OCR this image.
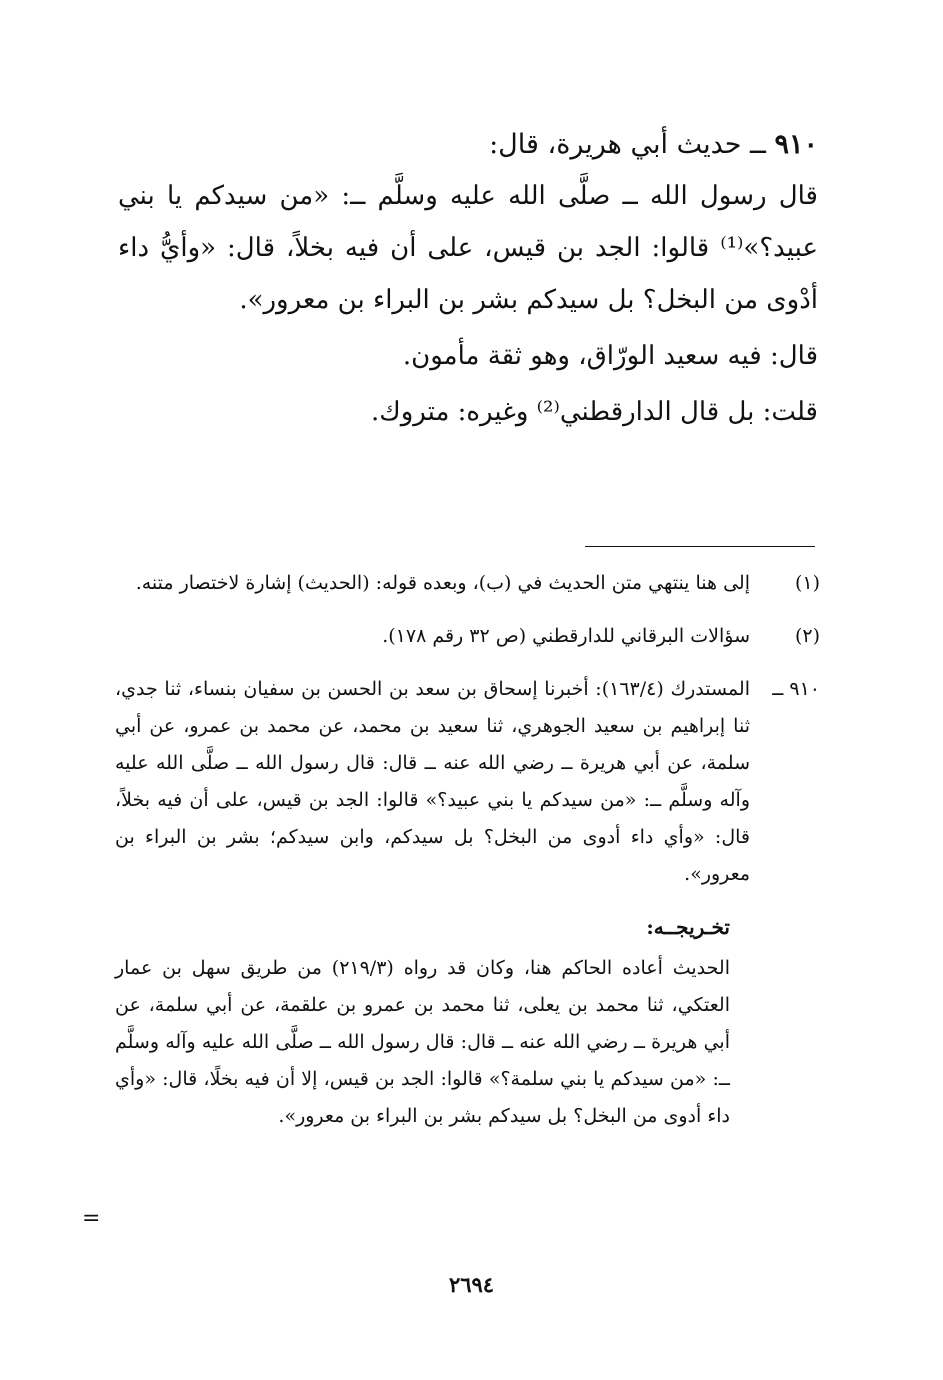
٩١٠ ــ حديث أبي هريرة، قال:

قال رسول الله ــ صلَّى الله عليه وسلَّم ــ: «من سيدكم يا بني عبيد؟»⁽¹⁾ قالوا: الجد بن قيس، على أن فيه بخلاً، قال: «وأيُّ داء أدْوى من البخل؟ بل سيدكم بشر بن البراء بن معرور».

قال: فيه سعيد الورّاق، وهو ثقة مأمون.

قلت: بل قال الدارقطني⁽²⁾ وغيره: متروك.

(١)
إلى هنا ينتهي متن الحديث في (ب)، وبعده قوله: (الحديث) إشارة لاختصار متنه.
(٢)
سؤالات البرقاني للدارقطني (ص ٣٢ رقم ١٧٨).
٩١٠ ــ
المستدرك (١٦٣/٤): أخبرنا إسحاق بن سعد بن الحسن بن سفيان بنساء، ثنا جدي، ثنا إبراهيم بن سعيد الجوهري، ثنا سعيد بن محمد، عن محمد بن عمرو، عن أبي سلمة، عن أبي هريرة ــ رضي الله عنه ــ قال: قال رسول الله ــ صلَّى الله عليه وآله وسلَّم ــ: «من سيدكم يا بني عبيد؟» قالوا: الجد بن قيس، على أن فيه بخلاً، قال: «وأي داء أدوى من البخل؟ بل سيدكم، وابن سيدكم؛ بشر بن البراء بن معرور».
تخـريجــه:
الحديث أعاده الحاكم هنا، وكان قد رواه (٢١٩/٣) من طريق سهل بن عمار العتكي، ثنا محمد بن يعلى، ثنا محمد بن عمرو بن علقمة، عن أبي سلمة، عن أبي هريرة ــ رضي الله عنه ــ قال: قال رسول الله ــ صلَّى الله عليه وآله وسلَّم ــ: «من سيدكم يا بني سلمة؟» قالوا: الجد بن قيس، إلا أن فيه بخلًا، قال: «وأي داء أدوى من البخل؟ بل سيدكم بشر بن البراء بن معرور».
=
٢٦٩٤
